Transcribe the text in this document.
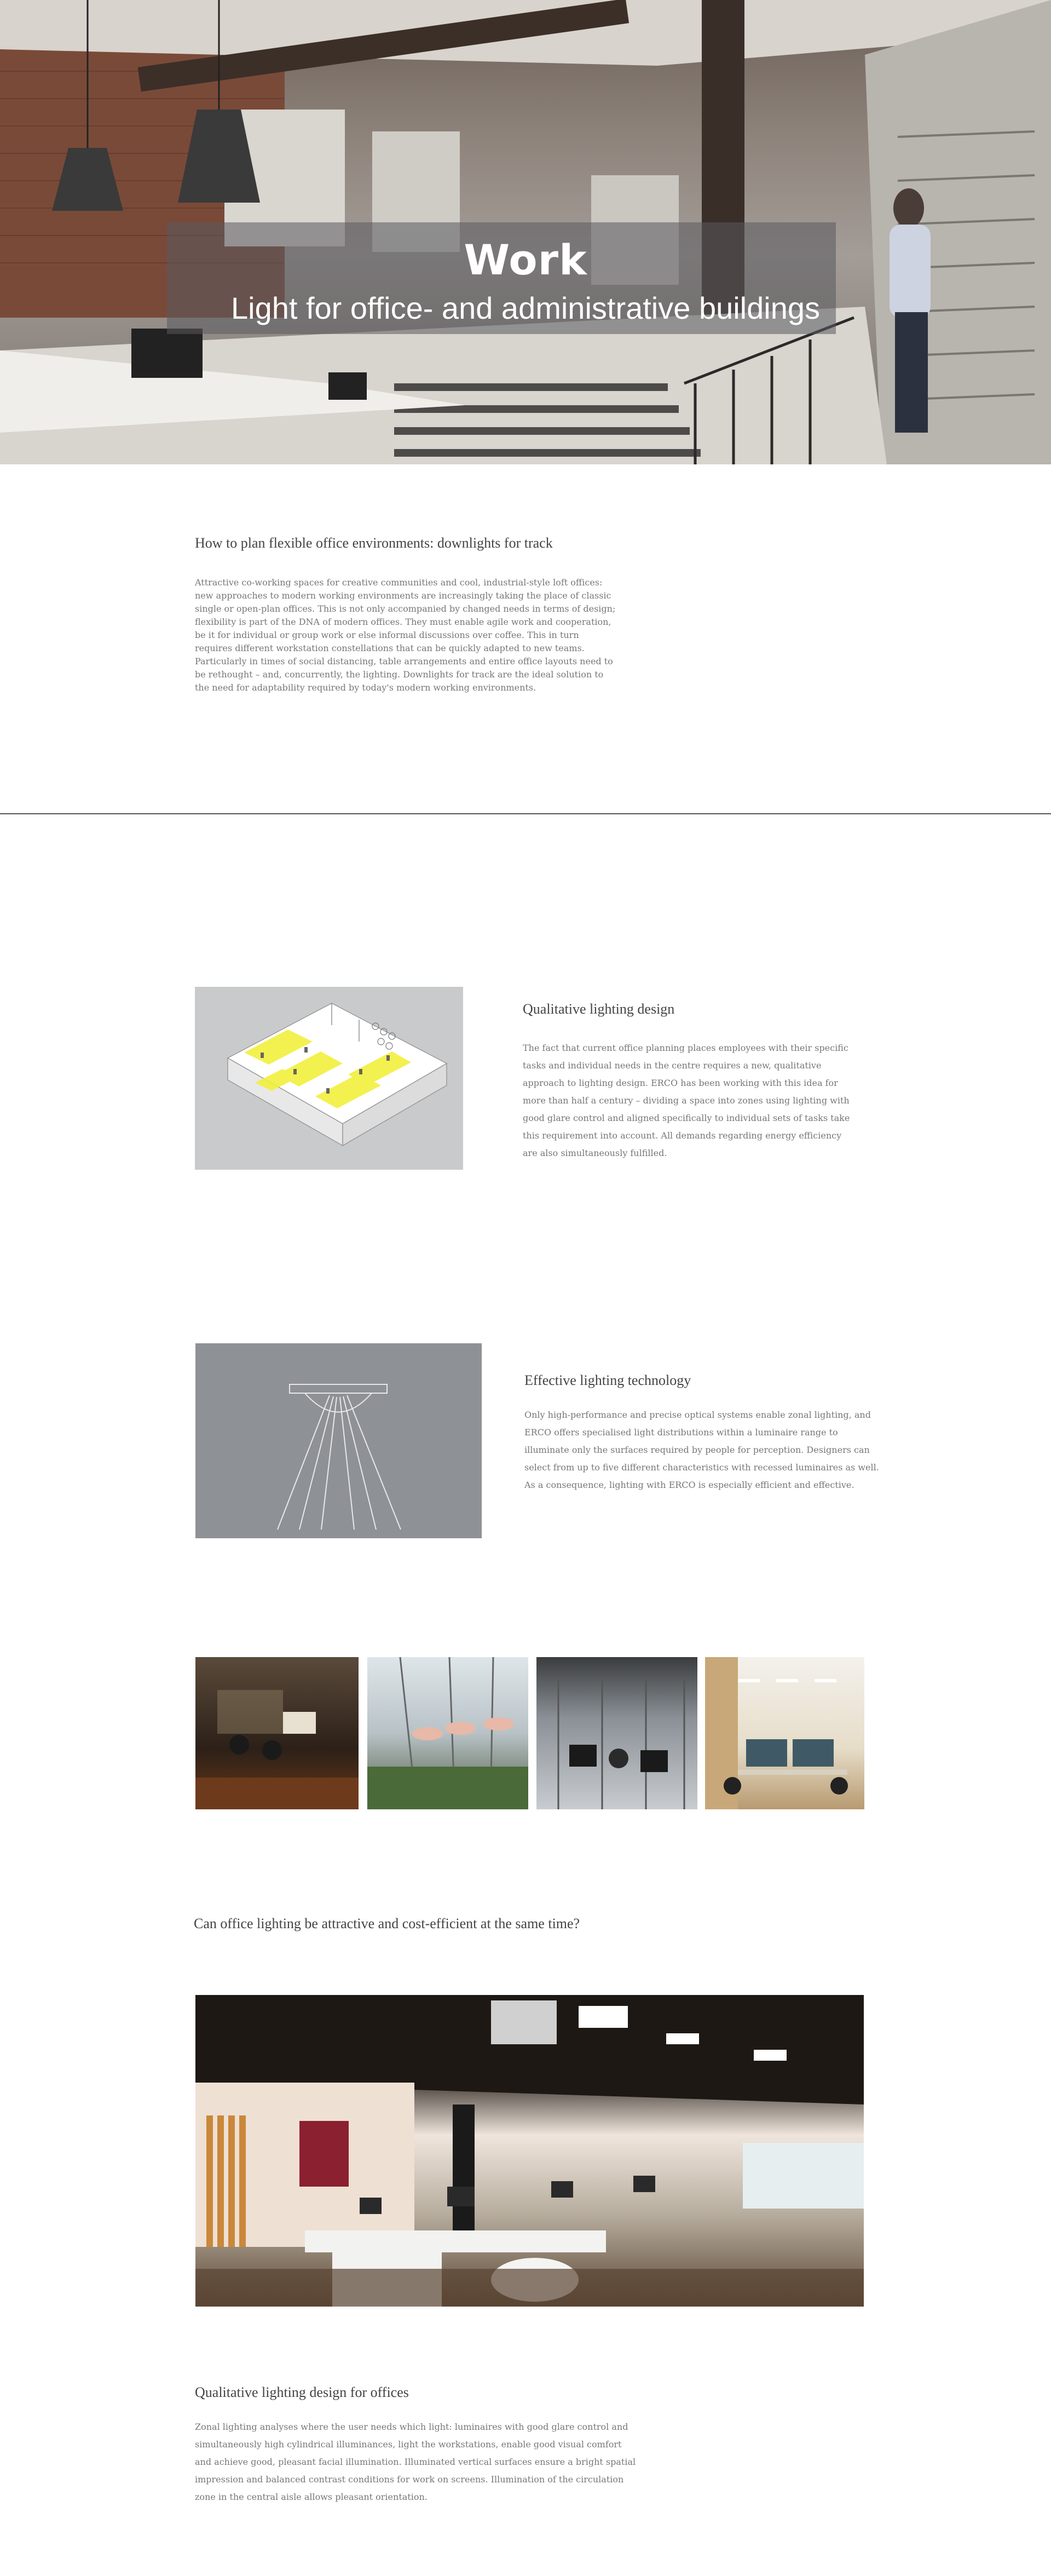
Work
Light for office- and administrative buildings
How to plan flexible office environments: downlights for track
Attractive co-working spaces for creative communities and cool, industrial-style loft offices: new approaches to modern working environments are increasingly taking the place of classic single or open-plan offices. This is not only accompanied by changed needs in terms of design; flexibility is part of the DNA of modern offices. They must enable agile work and cooperation, be it for individual or group work or else informal discussions over coffee. This in turn requires different workstation constellations that can be quickly adapted to new teams. Particularly in times of social distancing, table arrangements and entire office layouts need to be rethought – and, concurrently, the lighting. Downlights for track are the ideal solution to the need for adaptability required by today's modern working environments.
Qualitative lighting design
The fact that current office planning places employees with their specific tasks and individual needs in the centre requires a new, qualitative approach to lighting design. ERCO has been working with this idea for more than half a century – dividing a space into zones using lighting with good glare control and aligned specifically to individual sets of tasks take this requirement into account. All demands regarding energy efficiency are also simultaneously fulfilled.
Effective lighting technology
Only high-performance and precise optical systems enable zonal lighting, and ERCO offers specialised light distributions within a luminaire range to illuminate only the surfaces required by people for perception. Designers can select from up to five different characteristics with recessed luminaires as well. As a consequence, lighting with ERCO is especially efficient and effective.
Can office lighting be attractive and cost-efficient at the same time?
Qualitative lighting design for offices
Zonal lighting analyses where the user needs which light: luminaires with good glare control and simultaneously high cylindrical illuminances, light the workstations, enable good visual comfort and achieve good, pleasant facial illumination. Illuminated vertical surfaces ensure a bright spatial impression and balanced contrast conditions for work on screens. Illumination of the circulation zone in the central aisle allows pleasant orientation.
